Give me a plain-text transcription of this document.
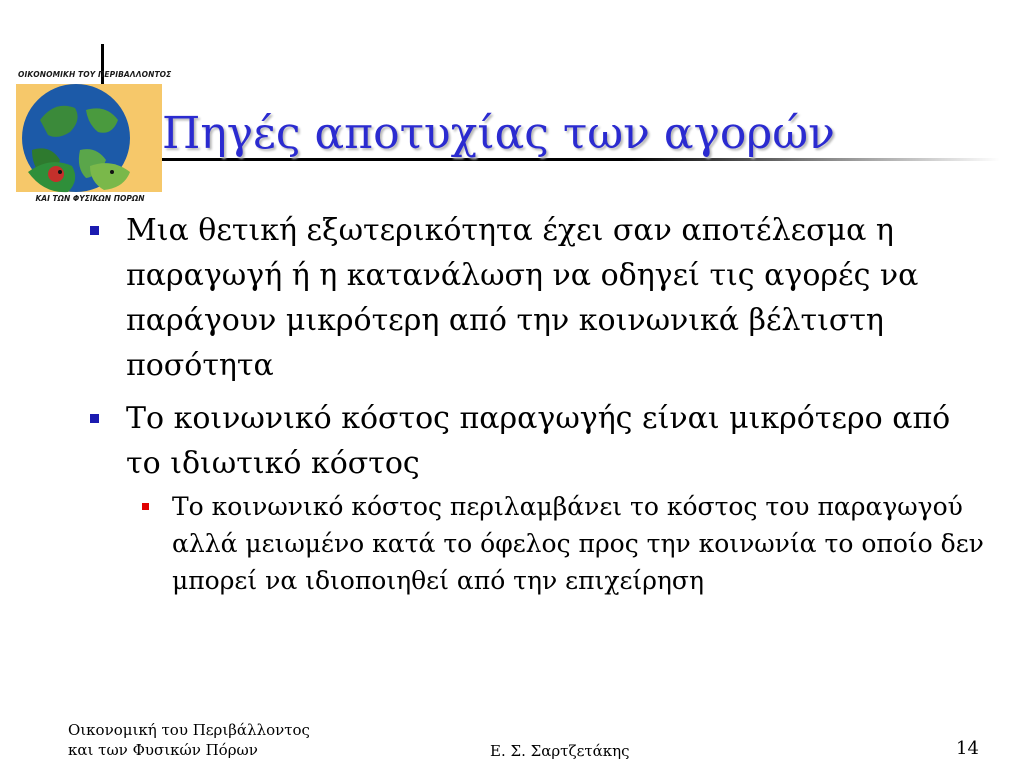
ΟΙΚΟΝΟΜΙΚΗ ΤΟΥ ΠΕΡΙΒΑΛΛΟΝΤΟΣ
ΚΑΙ ΤΩΝ ΦΥΣΙΚΩΝ ΠΟΡΩΝ
Πηγές αποτυχίας των αγορών
Μια θετική εξωτερικότητα έχει σαν αποτέλεσμα η παραγωγή ή η κατανάλωση να οδηγεί τις αγορές να παράγουν μικρότερη από την κοινωνικά βέλτιστη ποσότητα
Το κοινωνικό κόστος παραγωγής είναι μικρότερο από το ιδιωτικό κόστος
Το κοινωνικό κόστος περιλαμβάνει το κόστος του παραγωγού αλλά μειωμένο κατά το όφελος προς την κοινωνία το οποίο δεν μπορεί να ιδιοποιηθεί από την επιχείρηση
Οικονομική του Περιβάλλοντος
και των Φυσικών Πόρων	Ε. Σ. Σαρτζετάκης	14
